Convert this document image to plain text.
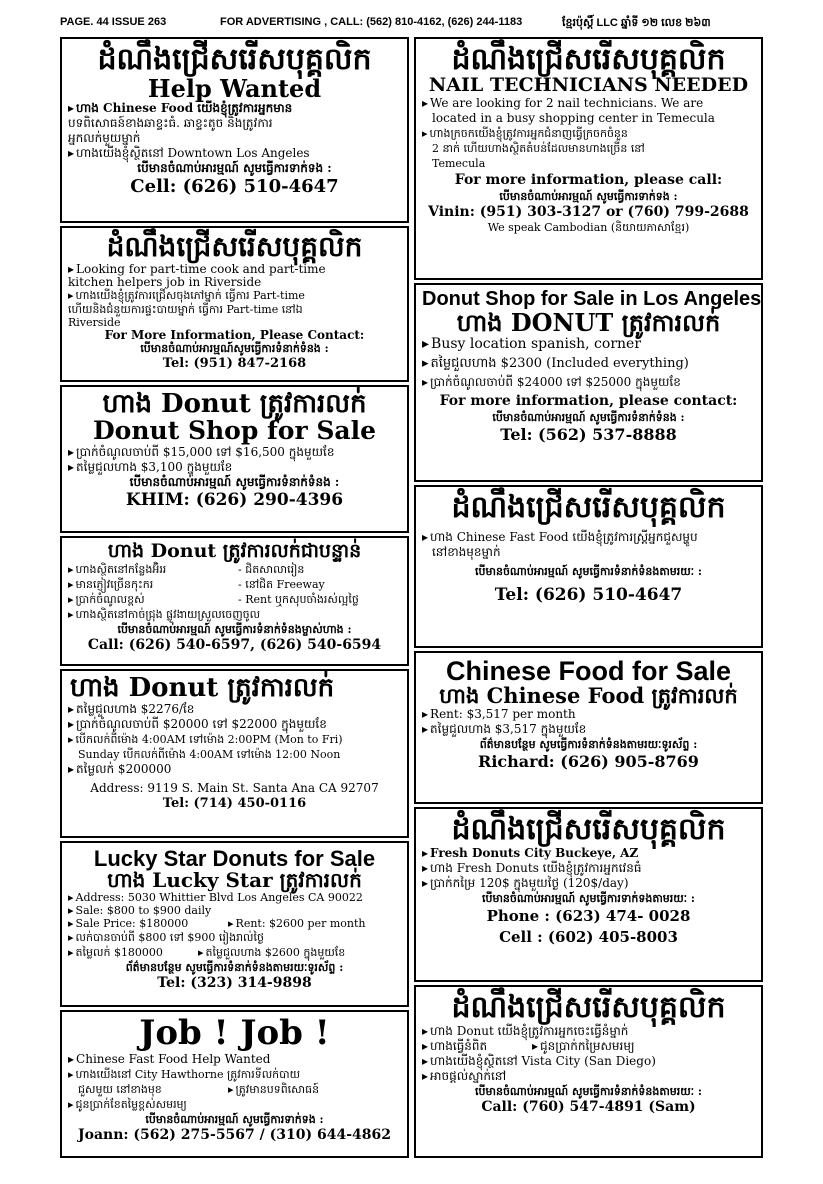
PAGE. 44 ISSUE 263	FOR ADVERTISING , CALL: (562) 810-4162, (626) 244-1183	ខ្មែរប៉ុស្ដិ៍ LLC ឆ្នាំទី ១២ លេខ ២៦៣
ដំណឹងជ្រើសរើសបុគ្គលិក
Help Wanted
▸ ហាង Chinese Food យើងខ្ញុំត្រូវការអ្នកមាន
បទពិសោធន៍ខាងឆាខ្ទះធំ. ឆាខ្ទះតូច និងត្រូវការ
អ្នកលក់មួយម្នាក់
▸ ហាងយើងខ្ញុំស្ថិតនៅ Downtown Los Angeles
បើមានចំណាប់អារម្មណ៍ សូមធ្វើការទាក់ទង :
Cell: (626) 510-4647
ដំណឹងជ្រើសរើសបុគ្គលិក
▸ Looking for part-time cook and part-time
kitchen helpers job in Riverside
▸ ហាងយើងខ្ញុំត្រូវការជ្រើសចុងភៅម្នាក់ ធ្វើការ Part-time
ហើយនិងជំនួយការផ្ទះបាយម្នាក់ ធ្វើការ Part-time នៅឯ
Riverside
For More Information, Please Contact:
បើមានចំណាប់អារម្មណ៍សូមធ្វើការទំនាក់ទំនង :
Tel: (951) 847-2168
ហាង Donut ត្រូវការលក់
Donut Shop for Sale
▸ ប្រាក់ចំណូលចាប់ពី $15,000 ទៅ $16,500 ក្នុងមួយខែ
▸ តម្លៃជួលហាង $3,100 ក្នុងមួយខែ
បើមានចំណាប់អារម្មណ៍ សូមធ្វើការទំនាក់ទំនង :
KHIM: (626) 290-4396
ហាង Donut ត្រូវការលក់ជាបន្ទាន់
▸ ហាងស្ថិតនៅកន្លែងអ៊ិររ	- ជិតសាលារៀន
▸ មានភ្ញៀវច្រើនកុះករ	- នៅជិត Freeway
▸ ប្រាក់ចំណូលខ្ពស់	- Rent ឬកសុបចាំងរស់ល្អថ្លៃ
▸ ហាងស្ថិតនៅកាច់ជ្រុង ផ្លូវងាយស្រួលចេញចូល
បើមានចំណាប់អារម្មណ៍ សូមធ្វើការទំនាក់ទំនងម្ចាស់ហាង :
Call: (626) 540-6597, (626) 540-6594
ហាង Donut ត្រូវការលក់
▸ តម្លៃជួលហាង $2276/ខែ
▸ ប្រាក់ចំណូលចាប់ពី $20000 ទៅ $22000 ក្នុងមួយខែ
▸ បើកលក់ពីម៉ោង 4:00AM ទៅម៉ោង 2:00PM (Mon to Fri)
Sunday បើកលក់ពីម៉ោង 4:00AM ទៅម៉ោង 12:00 Noon
▸ តម្លៃលក់ $200000
Address: 9119 S. Main St. Santa Ana CA 92707
Tel: (714) 450-0116
Lucky Star Donuts for Sale
ហាង Lucky Star ត្រូវការលក់
▸ Address: 5030 Whittier Blvd Los Angeles CA 90022
▸ Sale: $800 to $900 daily
▸ Sale Price: $180000	▸ Rent: $2600 per month
▸ លក់បានចាប់ពី $800 ទៅ $900 រៀងរាល់ថ្ងៃ
▸ តម្លៃលក់ $180000	▸ តម្លៃជួលហាង $2600 ក្នុងមួយខែ
ព័ត៌មានបន្ថែម សូមធ្វើការទំនាក់ទំនងតាមរយៈទូរស័ព្ទ :
Tel: (323) 314-9898
Job ! Job !
▸ Chinese Fast Food Help Wanted
▸ ហាងយើងនៅ City Hawthorne ត្រូវការទីលក់បាយ
ជួសមួយ នៅខាងមុខ	▸ ត្រូវមានបទពិសោធន៍
▸ ជូនប្រាក់ខែតម្លៃខ្ពស់សមរម្យ
បើមានចំណាប់អារម្មណ៍ សូមធ្វើការទាក់ទង :
Joann: (562) 275-5567 / (310) 644-4862
ដំណឹងជ្រើសរើសបុគ្គលិក
NAIL TECHNICIANS NEEDED
▸ We are looking for 2 nail technicians. We are
located in a busy shopping center in Temecula
▸ ហាងក្រចកយើងខ្ញុំត្រូវការអ្នកជំនាញធ្វើក្រចកចំនួន
2 នាក់ ហើយហាងស្ថិតតំបន់ដែលមានហាងច្រើន នៅ
Temecula
For more information, please call:
បើមានចំណាប់អារម្មណ៍ សូមធ្វើការទាក់ទង :
Vinin: (951) 303-3127 or (760) 799-2688
We speak Cambodian (និយាយភាសាខ្មែរ)
Donut Shop for Sale in Los Angeles
ហាង DONUT ត្រូវការលក់
▸ Busy location spanish, corner
▸ តម្លៃជួលហាង $2300 (Included everything)
▸ ប្រាក់ចំណូលចាប់ពី $24000 ទៅ $25000 ក្នុងមួយខែ
For more information, please contact:
បើមានចំណាប់អារម្មណ៍ សូមធ្វើការទំនាក់ទំនង :
Tel: (562) 537-8888
ដំណឹងជ្រើសរើសបុគ្គលិក
▸ ហាង Chinese Fast Food យើងខ្ញុំត្រូវការស្ត្រីអ្នកជួសម្ហូប
នៅខាងមុខម្នាក់
បើមានចំណាប់អារម្មណ៍ សូមធ្វើការទំនាក់ទំនងតាមរយៈ :
Tel: (626) 510-4647
Chinese Food for Sale
ហាង Chinese Food ត្រូវការលក់
▸ Rent: $3,517 per month
▸ តម្លៃជួលហាង $3,517 ក្នុងមួយខែ
ព័ត៌មានបន្ថែម សូមធ្វើការទំនាក់ទំនងតាមរយៈទូរស័ព្ទ :
Richard: (626) 905-8769
ដំណឹងជ្រើសរើសបុគ្គលិក
▸ Fresh Donuts City Buckeye, AZ
▸ ហាង Fresh Donuts យើងខ្ញុំត្រូវការអ្នកវេនធំ
▸ ប្រាក់កម្រៃ 120$ ក្នុងមួយថ្ងៃ (120$/day)
បើមានចំណាប់អារម្មណ៍ សូមធ្វើការទាក់ទងតាមរយៈ :
Phone : (623) 474- 0028
Cell : (602) 405-8003
ដំណឹងជ្រើសរើសបុគ្គលិក
▸ ហាង Donut យើងខ្ញុំត្រូវការអ្នកចេះធ្វើនំម្នាក់
▸ ហាងធ្វើនំពិត	▸ ជូនប្រាក់កម្រៃសមរម្យ
▸ ហាងយើងខ្ញុំស្ថិតនៅ Vista City (San Diego)
▸ អាចផ្ដល់ស្នាក់នៅ
បើមានចំណាប់អារម្មណ៍ សូមធ្វើការទំនាក់ទំនងតាមរយៈ :
Call: (760) 547-4891 (Sam)
